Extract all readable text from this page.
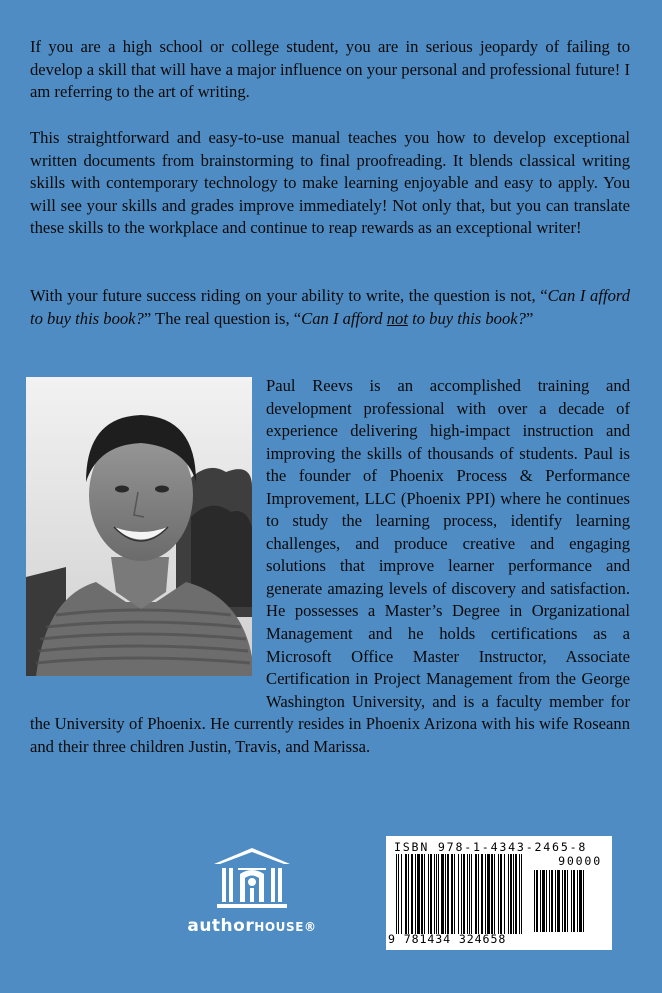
If you are a high school or college student, you are in serious jeopardy of failing to develop a skill that will have a major influence on your personal and professional future! I am referring to the art of writing.

This straightforward and easy-to-use manual teaches you how to develop exceptional written documents from brainstorming to final proofreading. It blends classical writing skills with contemporary technology to make learning enjoyable and easy to apply. You will see your skills and grades improve immediately! Not only that, but you can translate these skills to the workplace and continue to reap rewards as an exceptional writer!

With your future success riding on your ability to write, the question is not, “Can I afford to buy this book?” The real question is, “Can I afford not to buy this book?”

Paul Reevs is an accomplished training and development professional with over a decade of experience delivering high-impact instruction and improving the skills of thousands of students. Paul is the founder of Phoenix Process & Performance Improvement, LLC (Phoenix PPI) where he continues to study the learning process, identify learning challenges, and produce creative and engaging solutions that improve learner performance and generate amazing levels of discovery and satisfaction. He possesses a Master’s Degree in Organizational Management and he holds certifications as a Microsoft Office Master Instructor, Associate Certification in Project Management from the George Washington University, and is a faculty member for the University of Phoenix. He currently resides in Phoenix Arizona with his wife Roseann and their three children Justin, Travis, and Marissa.

authorHOUSE®
ISBN 978-1-4343-2465-8
90000
9 781434 324658
